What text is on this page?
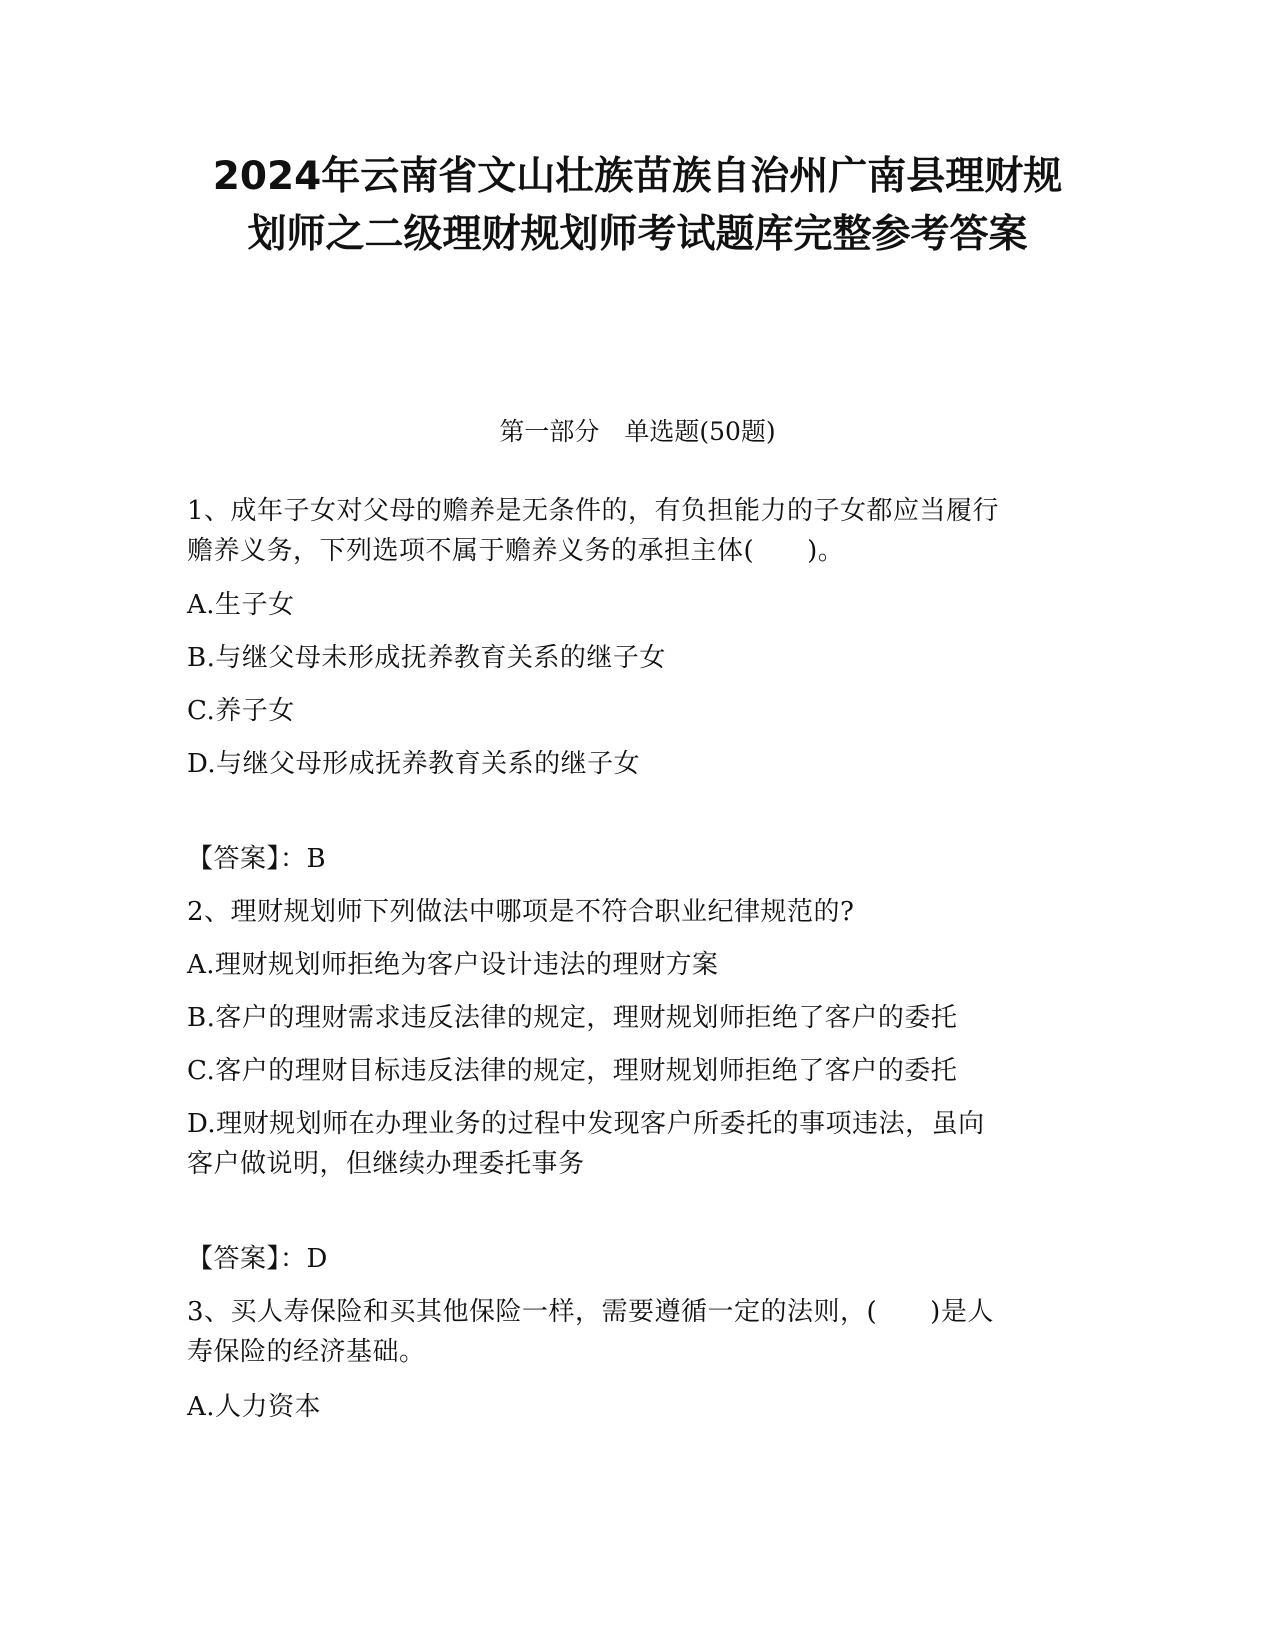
2024年云南省文山壮族苗族自治州广南县理财规
划师之二级理财规划师考试题库完整参考答案
第一部分　单选题(50题)
1、成年子女对父母的赡养是无条件的，有负担能力的子女都应当履行
赡养义务，下列选项不属于赡养义务的承担主体(　　)。
A.生子女
B.与继父母未形成抚养教育关系的继子女
C.养子女
D.与继父母形成抚养教育关系的继子女
【答案】：B
2、理财规划师下列做法中哪项是不符合职业纪律规范的?
A.理财规划师拒绝为客户设计违法的理财方案
B.客户的理财需求违反法律的规定，理财规划师拒绝了客户的委托
C.客户的理财目标违反法律的规定，理财规划师拒绝了客户的委托
D.理财规划师在办理业务的过程中发现客户所委托的事项违法，虽向
客户做说明，但继续办理委托事务
【答案】：D
3、买人寿保险和买其他保险一样，需要遵循一定的法则，(　　)是人
寿保险的经济基础。
A.人力资本
